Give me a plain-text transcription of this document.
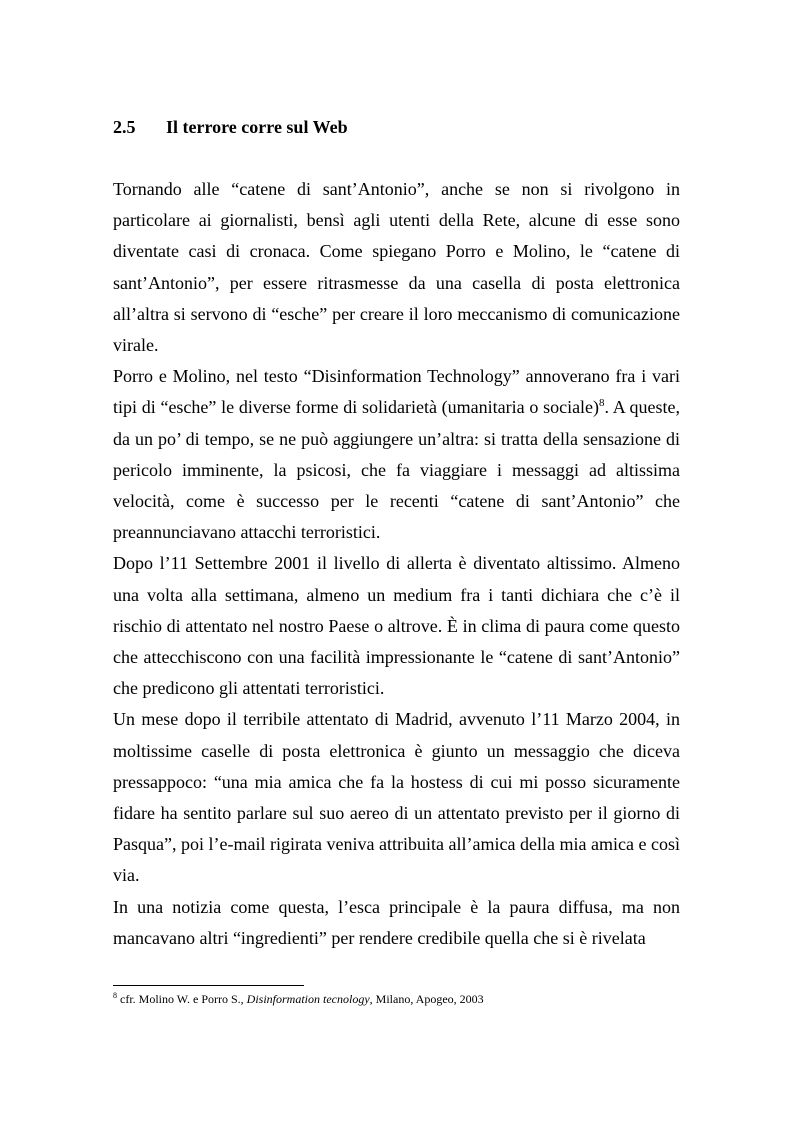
2.5 Il terrore corre sul Web

Tornando alle “catene di sant’Antonio”, anche se non si rivolgono in particolare ai giornalisti, bensì agli utenti della Rete, alcune di esse sono diventate casi di cronaca. Come spiegano Porro e Molino, le “catene di sant’Antonio”, per essere ritrasmesse da una casella di posta elettronica all’altra si servono di “esche” per creare il loro meccanismo di comunicazione virale.

Porro e Molino, nel testo “Disinformation Technology” annoverano fra i vari tipi di “esche” le diverse forme di solidarietà (umanitaria o sociale)$^8$. A queste, da un po’ di tempo, se ne può aggiungere un’altra: si tratta della sensazione di pericolo imminente, la psicosi, che fa viaggiare i messaggi ad altissima velocità, come è successo per le recenti “catene di sant’Antonio” che preannunciavano attacchi terroristici.

Dopo l’11 Settembre 2001 il livello di allerta è diventato altissimo. Almeno una volta alla settimana, almeno un medium fra i tanti dichiara che c’è il rischio di attentato nel nostro Paese o altrove. È in clima di paura come questo che attecchiscono con una facilità impressionante le “catene di sant’Antonio” che predicono gli attentati terroristici.

Un mese dopo il terribile attentato di Madrid, avvenuto l’11 Marzo 2004, in moltissime caselle di posta elettronica è giunto un messaggio che diceva pressappoco: “una mia amica che fa la hostess di cui mi posso sicuramente fidare ha sentito parlare sul suo aereo di un attentato previsto per il giorno di Pasqua”, poi l’e-mail rigirata veniva attribuita all’amica della mia amica e così via.

In una notizia come questa, l’esca principale è la paura diffusa, ma non mancavano altri “ingredienti” per rendere credibile quella che si è rivelata

$^8$ cfr. Molino W. e Porro S., Disinformation tecnology, Milano, Apogeo, 2003
